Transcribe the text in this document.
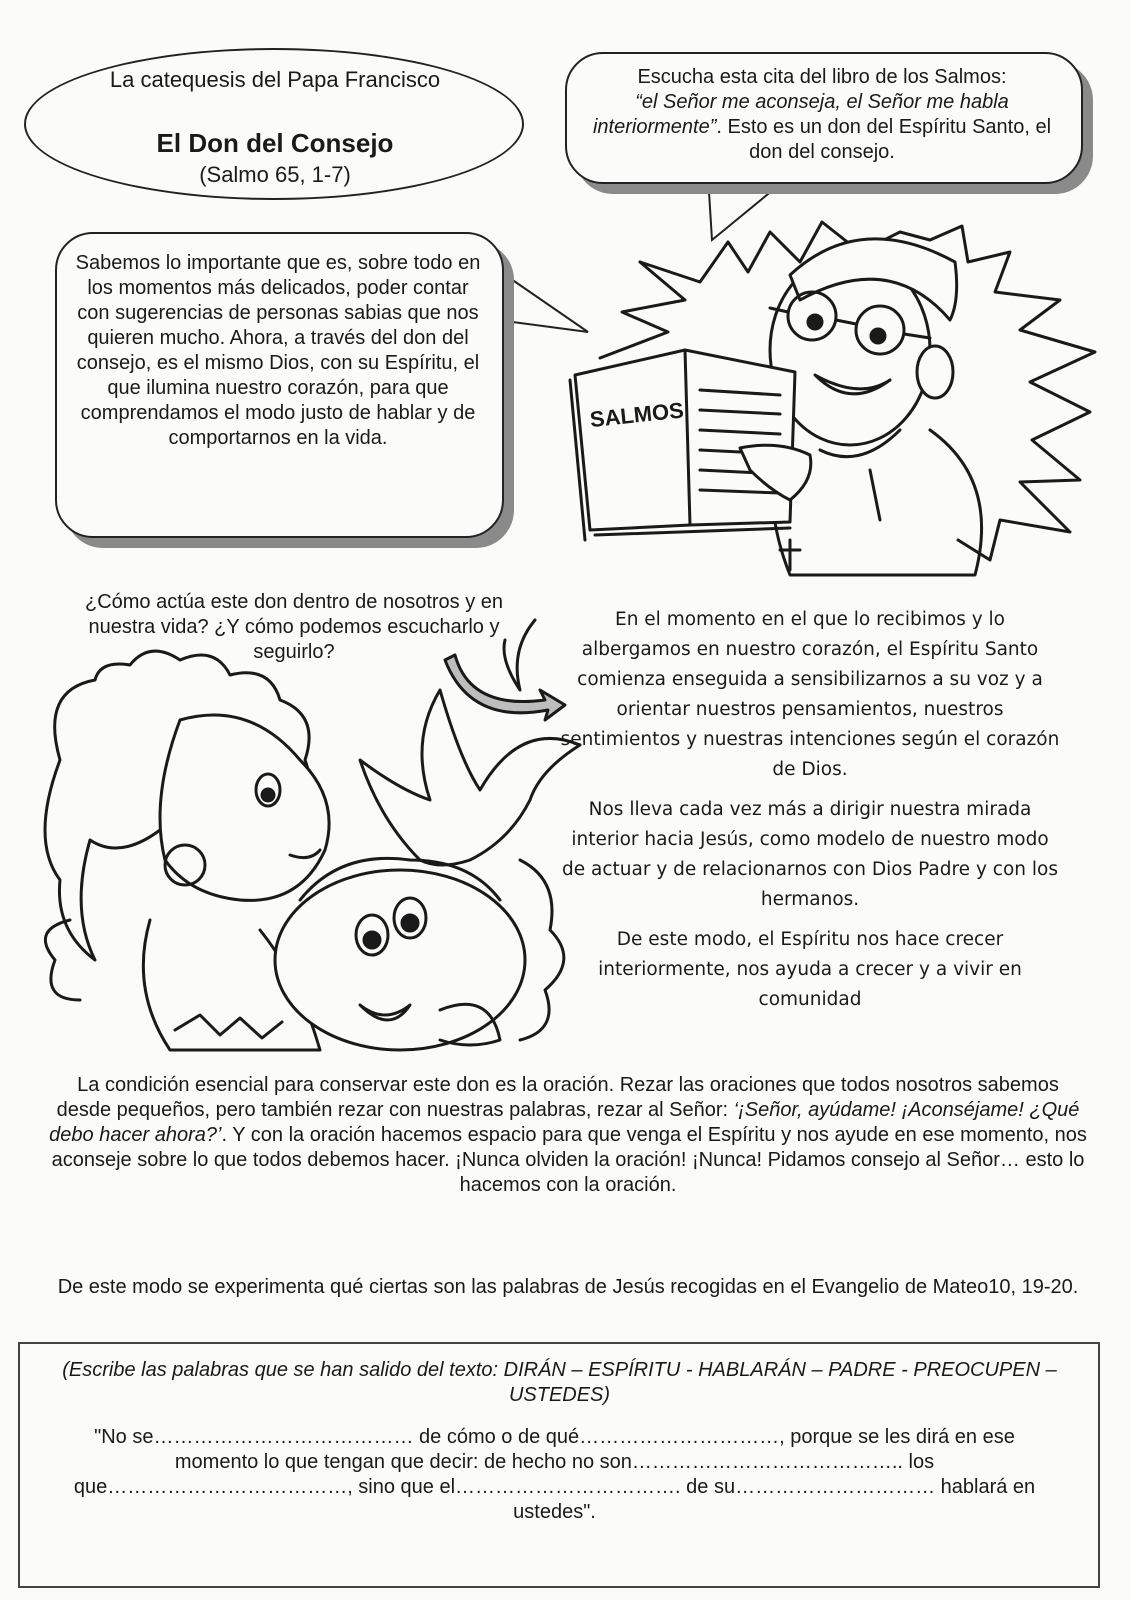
La catequesis del Papa Francisco
El Don del Consejo
(Salmo 65, 1-7)
Escucha esta cita del libro de los Salmos:
“el Señor me aconseja, el Señor me habla interiormente”. Esto es un don del Espíritu Santo, el don del consejo.
Sabemos lo importante que es, sobre todo en los momentos más delicados, poder contar con sugerencias de personas sabias que nos quieren mucho. Ahora, a través del don del consejo, es el mismo Dios, con su Espíritu, el que ilumina nuestro corazón, para que comprendamos el modo justo de hablar y de comportarnos en la vida.
SALMOS
¿Cómo actúa este don dentro de nosotros y en nuestra vida? ¿Y cómo podemos escucharlo y seguirlo?
En el momento en el que lo recibimos y lo albergamos en nuestro corazón, el Espíritu Santo comienza enseguida a sensibilizarnos a su voz y a orientar nuestros pensamientos, nuestros sentimientos y nuestras intenciones según el corazón de Dios.
Nos lleva cada vez más a dirigir nuestra mirada interior hacia Jesús, como modelo de nuestro modo de actuar y de relacionarnos con Dios Padre y con los hermanos.
De este modo, el Espíritu nos hace crecer interiormente, nos ayuda a crecer y a vivir en comunidad
La condición esencial para conservar este don es la oración. Rezar las oraciones que todos nosotros sabemos desde pequeños, pero también rezar con nuestras palabras, rezar al Señor: ‘¡Señor, ayúdame! ¡Aconséjame! ¿Qué debo hacer ahora?’. Y con la oración hacemos espacio para que venga el Espíritu y nos ayude en ese momento, nos aconseje sobre lo que todos debemos hacer. ¡Nunca olviden la oración! ¡Nunca! Pidamos consejo al Señor… esto lo hacemos con la oración.
De este modo se experimenta qué ciertas son las palabras de Jesús recogidas en el Evangelio de Mateo10, 19-20.
(Escribe las palabras que se han salido del texto: DIRÁN – ESPÍRITU - HABLARÁN – PADRE - PREOCUPEN – USTEDES)
"No se………………………………… de cómo o de qué…………………………, porque se les dirá en ese momento lo que tengan que decir: de hecho no son………………………………….. los que………………………………, sino que el……………………………. de su………………………… hablará en ustedes".
